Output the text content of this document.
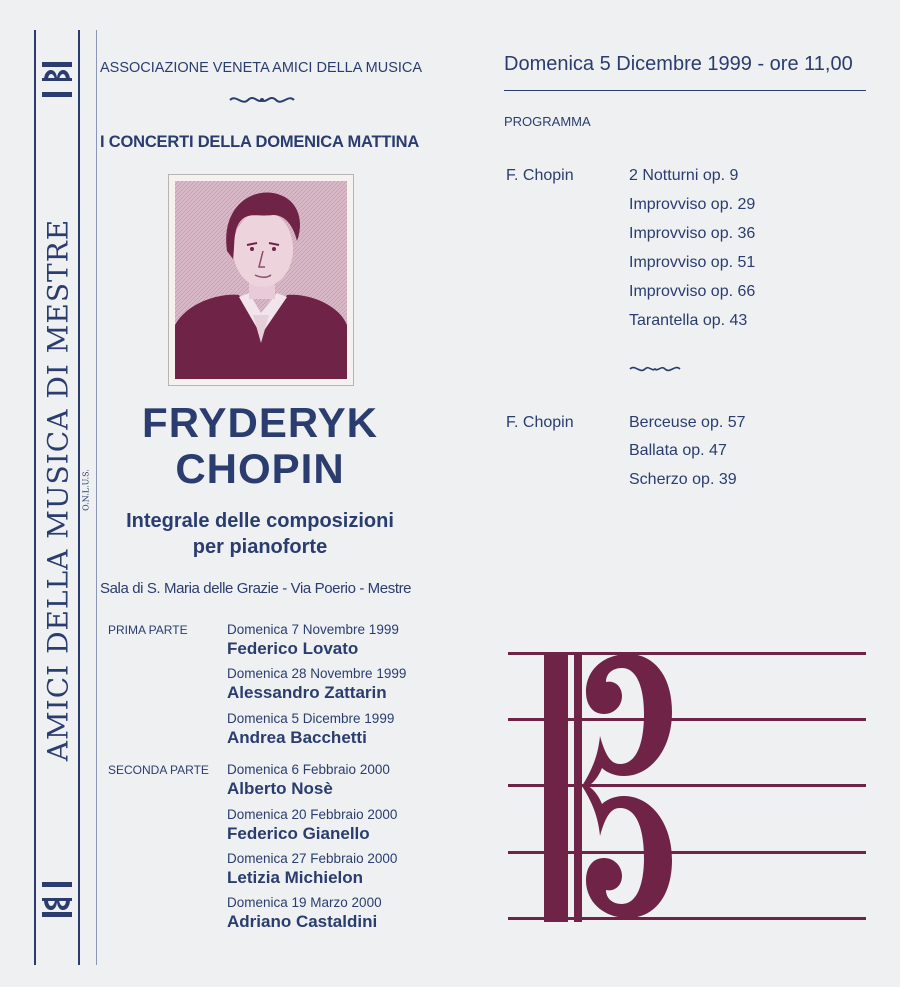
AMICI DELLA MUSICA DI MESTRE O.N.L.U.S.
ASSOCIAZIONE VENETA AMICI DELLA MUSICA
I CONCERTI DELLA DOMENICA MATTINA
FRYDERYK
CHOPIN
Integrale delle composizioni
per pianoforte
Sala di S. Maria delle Grazie - Via Poerio - Mestre
PRIMA PARTE	Domenica 7 Novembre 1999
Federico Lovato
Domenica 28 Novembre 1999
Alessandro Zattarin
Domenica 5 Dicembre 1999
Andrea Bacchetti
SECONDA PARTE Domenica 6 Febbraio 2000
Alberto Nosè
Domenica 20 Febbraio 2000
Federico Gianello
Domenica 27 Febbraio 2000
Letizia Michielon
Domenica 19 Marzo 2000
Adriano Castaldini
Domenica 5 Dicembre 1999 - ore 11,00
PROGRAMMA
F. Chopin	2 Notturni op. 9
Improvviso op. 29
Improvviso op. 36
Improvviso op. 51
Improvviso op. 66
Tarantella op. 43
F. Chopin	Berceuse op. 57
Ballata op. 47
Scherzo op. 39
